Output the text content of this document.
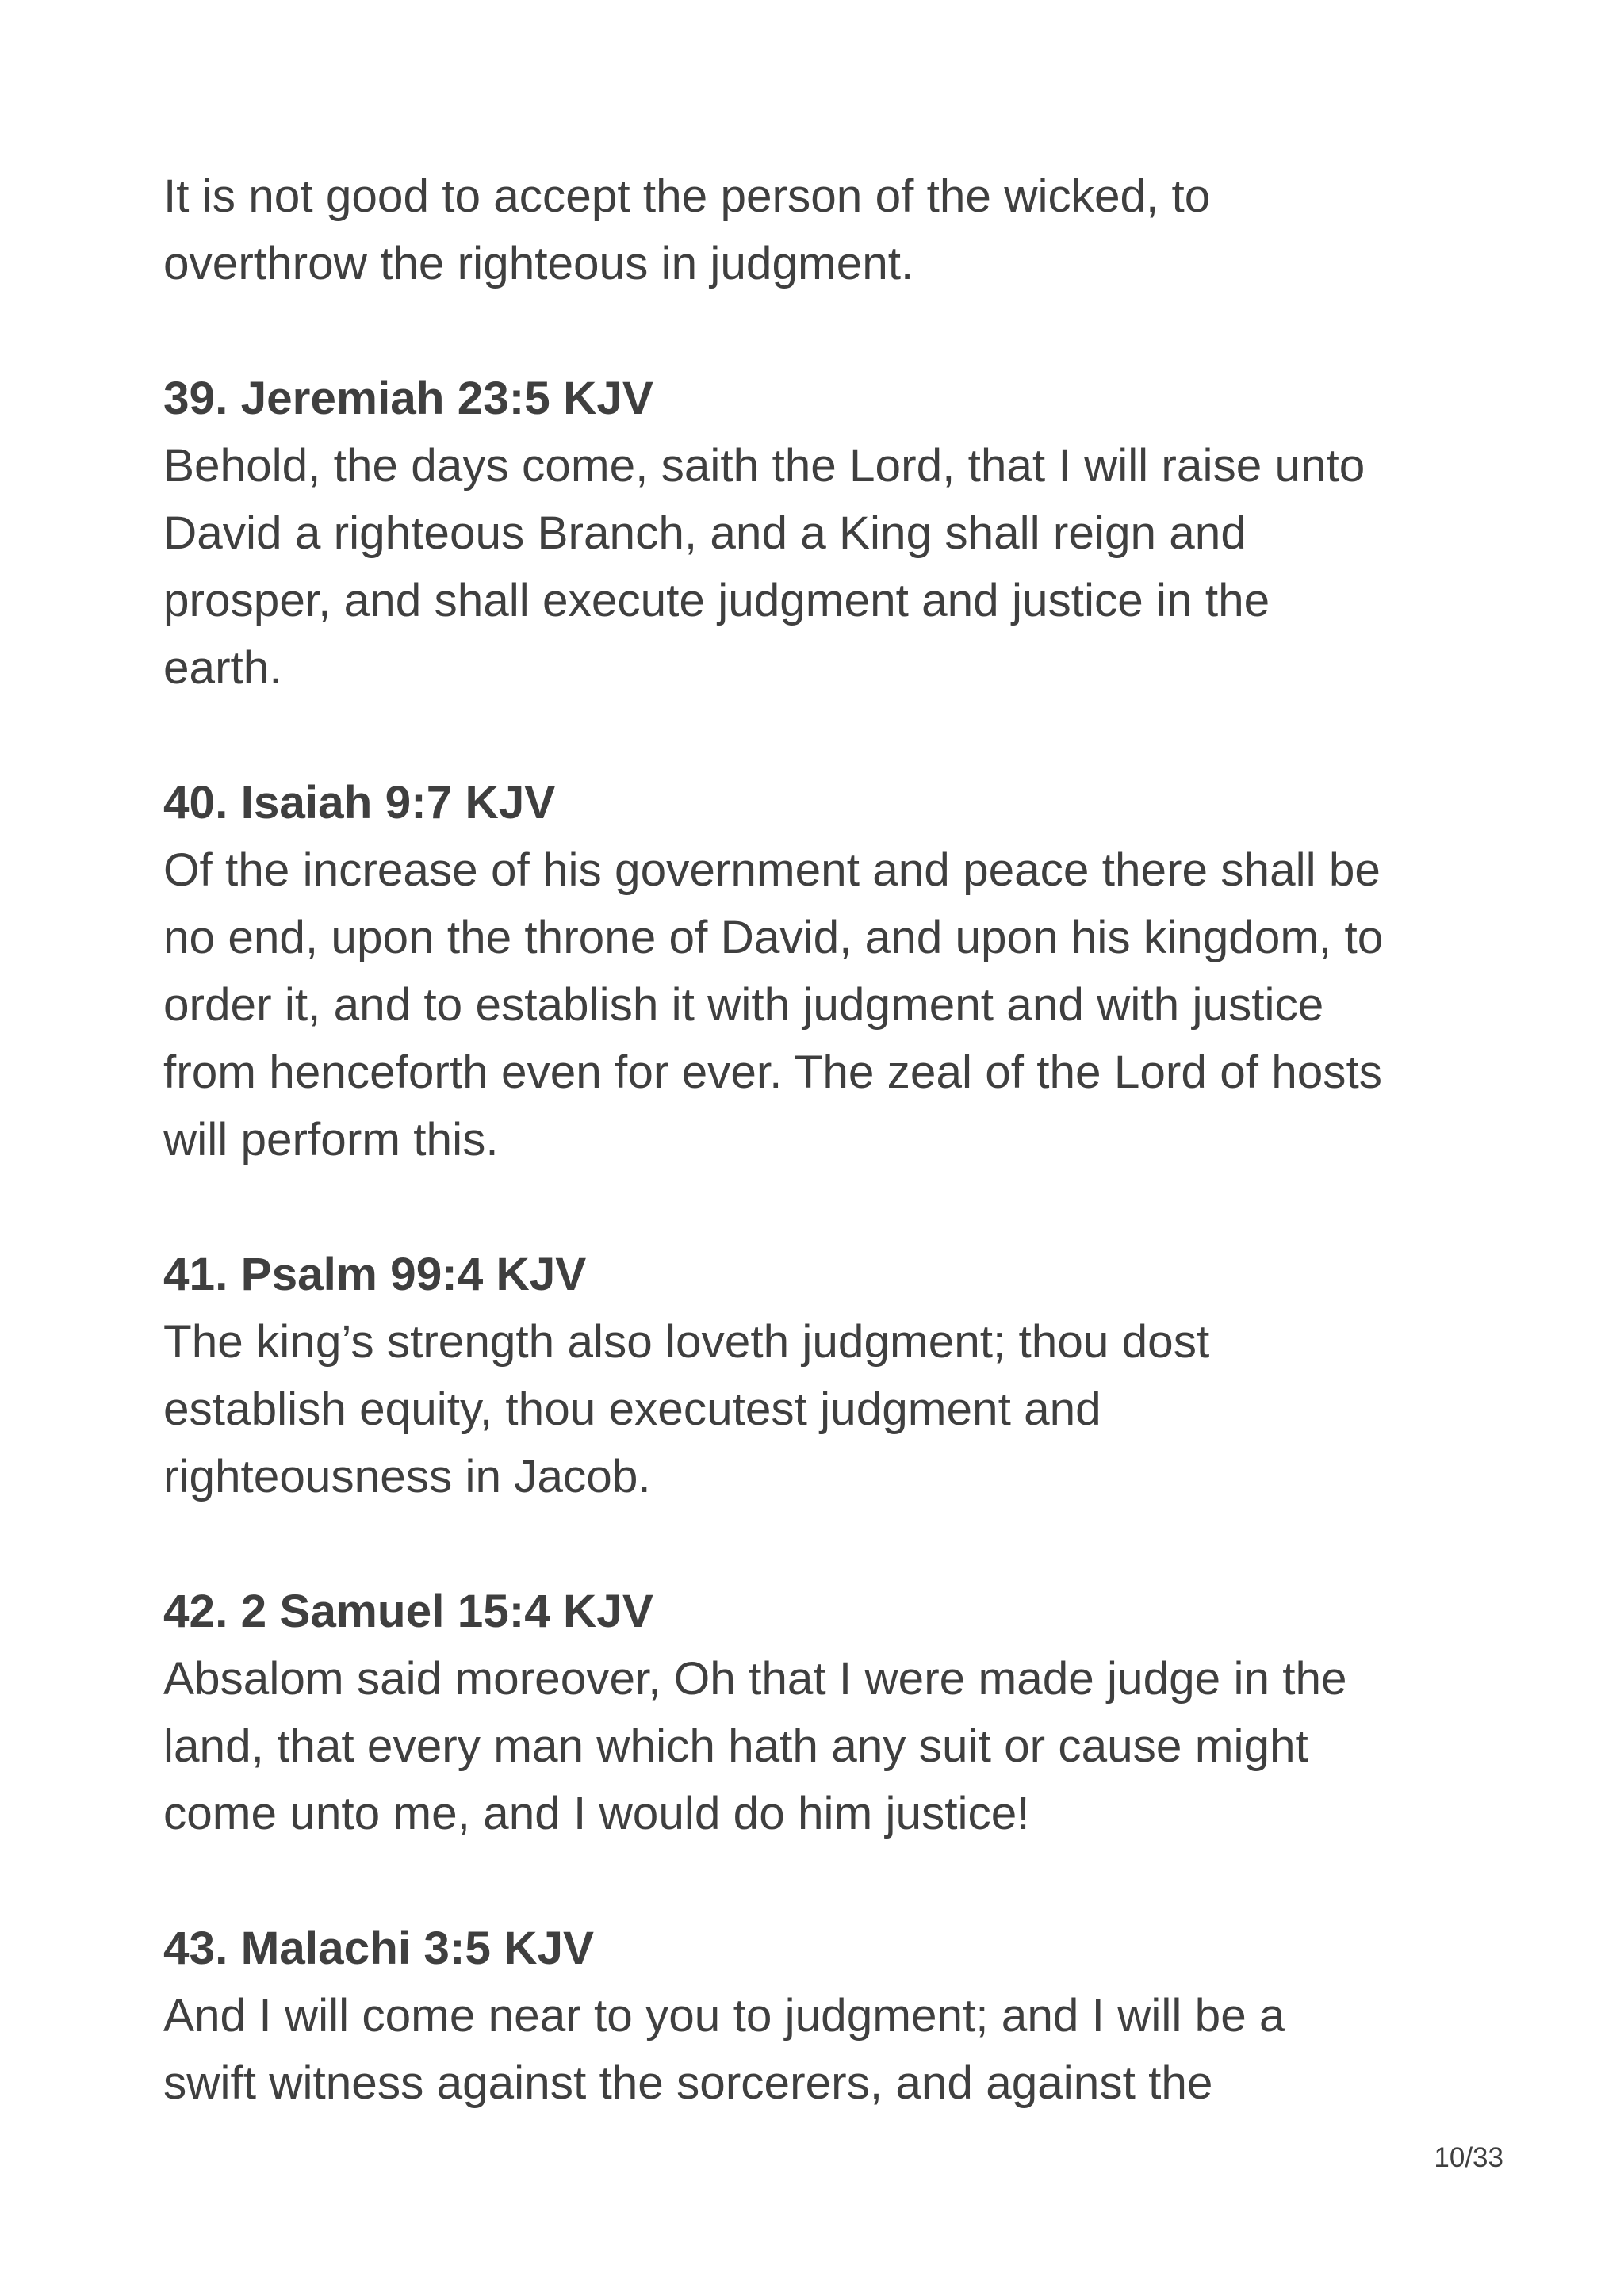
It is not good to accept the person of the wicked, to
overthrow the righteous in judgment.

39. Jeremiah 23:5 KJV

Behold, the days come, saith the Lord, that I will raise unto
David a righteous Branch, and a King shall reign and
prosper, and shall execute judgment and justice in the
earth.

40. Isaiah 9:7 KJV

Of the increase of his government and peace there shall be
no end, upon the throne of David, and upon his kingdom, to
order it, and to establish it with judgment and with justice
from henceforth even for ever. The zeal of the Lord of hosts
will perform this.

41. Psalm 99:4 KJV

The king’s strength also loveth judgment; thou dost
establish equity, thou executest judgment and
righteousness in Jacob.

42. 2 Samuel 15:4 KJV

Absalom said moreover, Oh that I were made judge in the
land, that every man which hath any suit or cause might
come unto me, and I would do him justice!

43. Malachi 3:5 KJV

And I will come near to you to judgment; and I will be a
swift witness against the sorcerers, and against the

10/33
